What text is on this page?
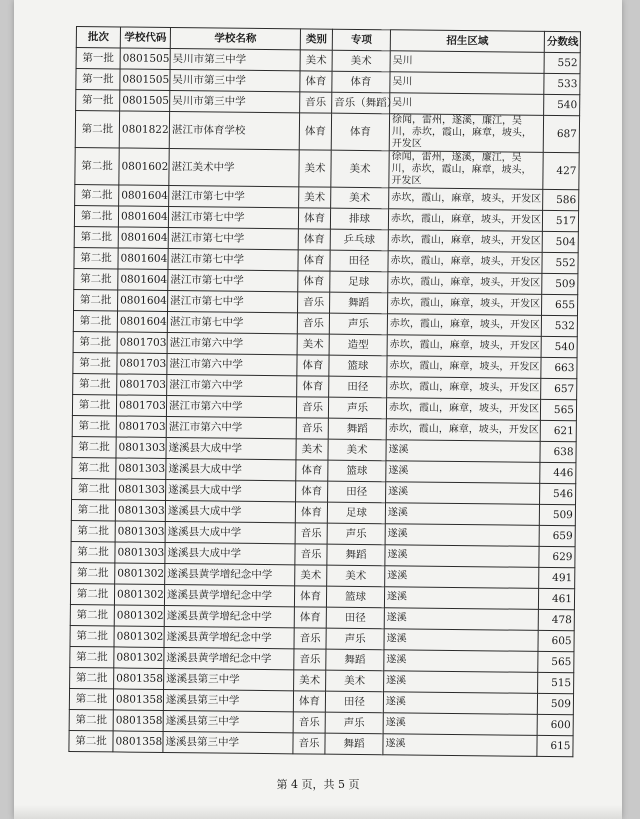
批次	学校代码	学校名称	类别	专项	招生区域	分数线
第一批	0801505	吴川市第三中学	美术	美术	吴川	552
第一批	0801505	吴川市第三中学	体育	体育	吴川	533
第一批	0801505	吴川市第三中学	音乐	音乐（舞蹈）	吴川	540
第二批	0801822	湛江市体育学校	体育	体育	徐闻，雷州，遂溪，廉江，吴川，赤坎，霞山，麻章，坡头，开发区	687
第二批	0801602	湛江美术中学	美术	美术	徐闻，雷州，遂溪，廉江，吴川，赤坎，霞山，麻章，坡头，开发区	427
第二批	0801604	湛江市第七中学	美术	美术	赤坎，霞山，麻章，坡头，开发区	586
第二批	0801604	湛江市第七中学	体育	排球	赤坎，霞山，麻章，坡头，开发区	517
第二批	0801604	湛江市第七中学	体育	乒乓球	赤坎，霞山，麻章，坡头，开发区	504
第二批	0801604	湛江市第七中学	体育	田径	赤坎，霞山，麻章，坡头，开发区	552
第二批	0801604	湛江市第七中学	体育	足球	赤坎，霞山，麻章，坡头，开发区	509
第二批	0801604	湛江市第七中学	音乐	舞蹈	赤坎，霞山，麻章，坡头，开发区	655
第二批	0801604	湛江市第七中学	音乐	声乐	赤坎，霞山，麻章，坡头，开发区	532
第二批	0801703	湛江市第六中学	美术	造型	赤坎，霞山，麻章，坡头，开发区	540
第二批	0801703	湛江市第六中学	体育	篮球	赤坎，霞山，麻章，坡头，开发区	663
第二批	0801703	湛江市第六中学	体育	田径	赤坎，霞山，麻章，坡头，开发区	657
第二批	0801703	湛江市第六中学	音乐	声乐	赤坎，霞山，麻章，坡头，开发区	565
第二批	0801703	湛江市第六中学	音乐	舞蹈	赤坎，霞山，麻章，坡头，开发区	621
第二批	0801303	遂溪县大成中学	美术	美术	遂溪	638
第二批	0801303	遂溪县大成中学	体育	篮球	遂溪	446
第二批	0801303	遂溪县大成中学	体育	田径	遂溪	546
第二批	0801303	遂溪县大成中学	体育	足球	遂溪	509
第二批	0801303	遂溪县大成中学	音乐	声乐	遂溪	659
第二批	0801303	遂溪县大成中学	音乐	舞蹈	遂溪	629
第二批	0801302	遂溪县黄学增纪念中学	美术	美术	遂溪	491
第二批	0801302	遂溪县黄学增纪念中学	体育	篮球	遂溪	461
第二批	0801302	遂溪县黄学增纪念中学	体育	田径	遂溪	478
第二批	0801302	遂溪县黄学增纪念中学	音乐	声乐	遂溪	605
第二批	0801302	遂溪县黄学增纪念中学	音乐	舞蹈	遂溪	565
第二批	0801358	遂溪县第三中学	美术	美术	遂溪	515
第二批	0801358	遂溪县第三中学	体育	田径	遂溪	509
第二批	0801358	遂溪县第三中学	音乐	声乐	遂溪	600
第二批	0801358	遂溪县第三中学	音乐	舞蹈	遂溪	615
第 4 页，共 5 页
